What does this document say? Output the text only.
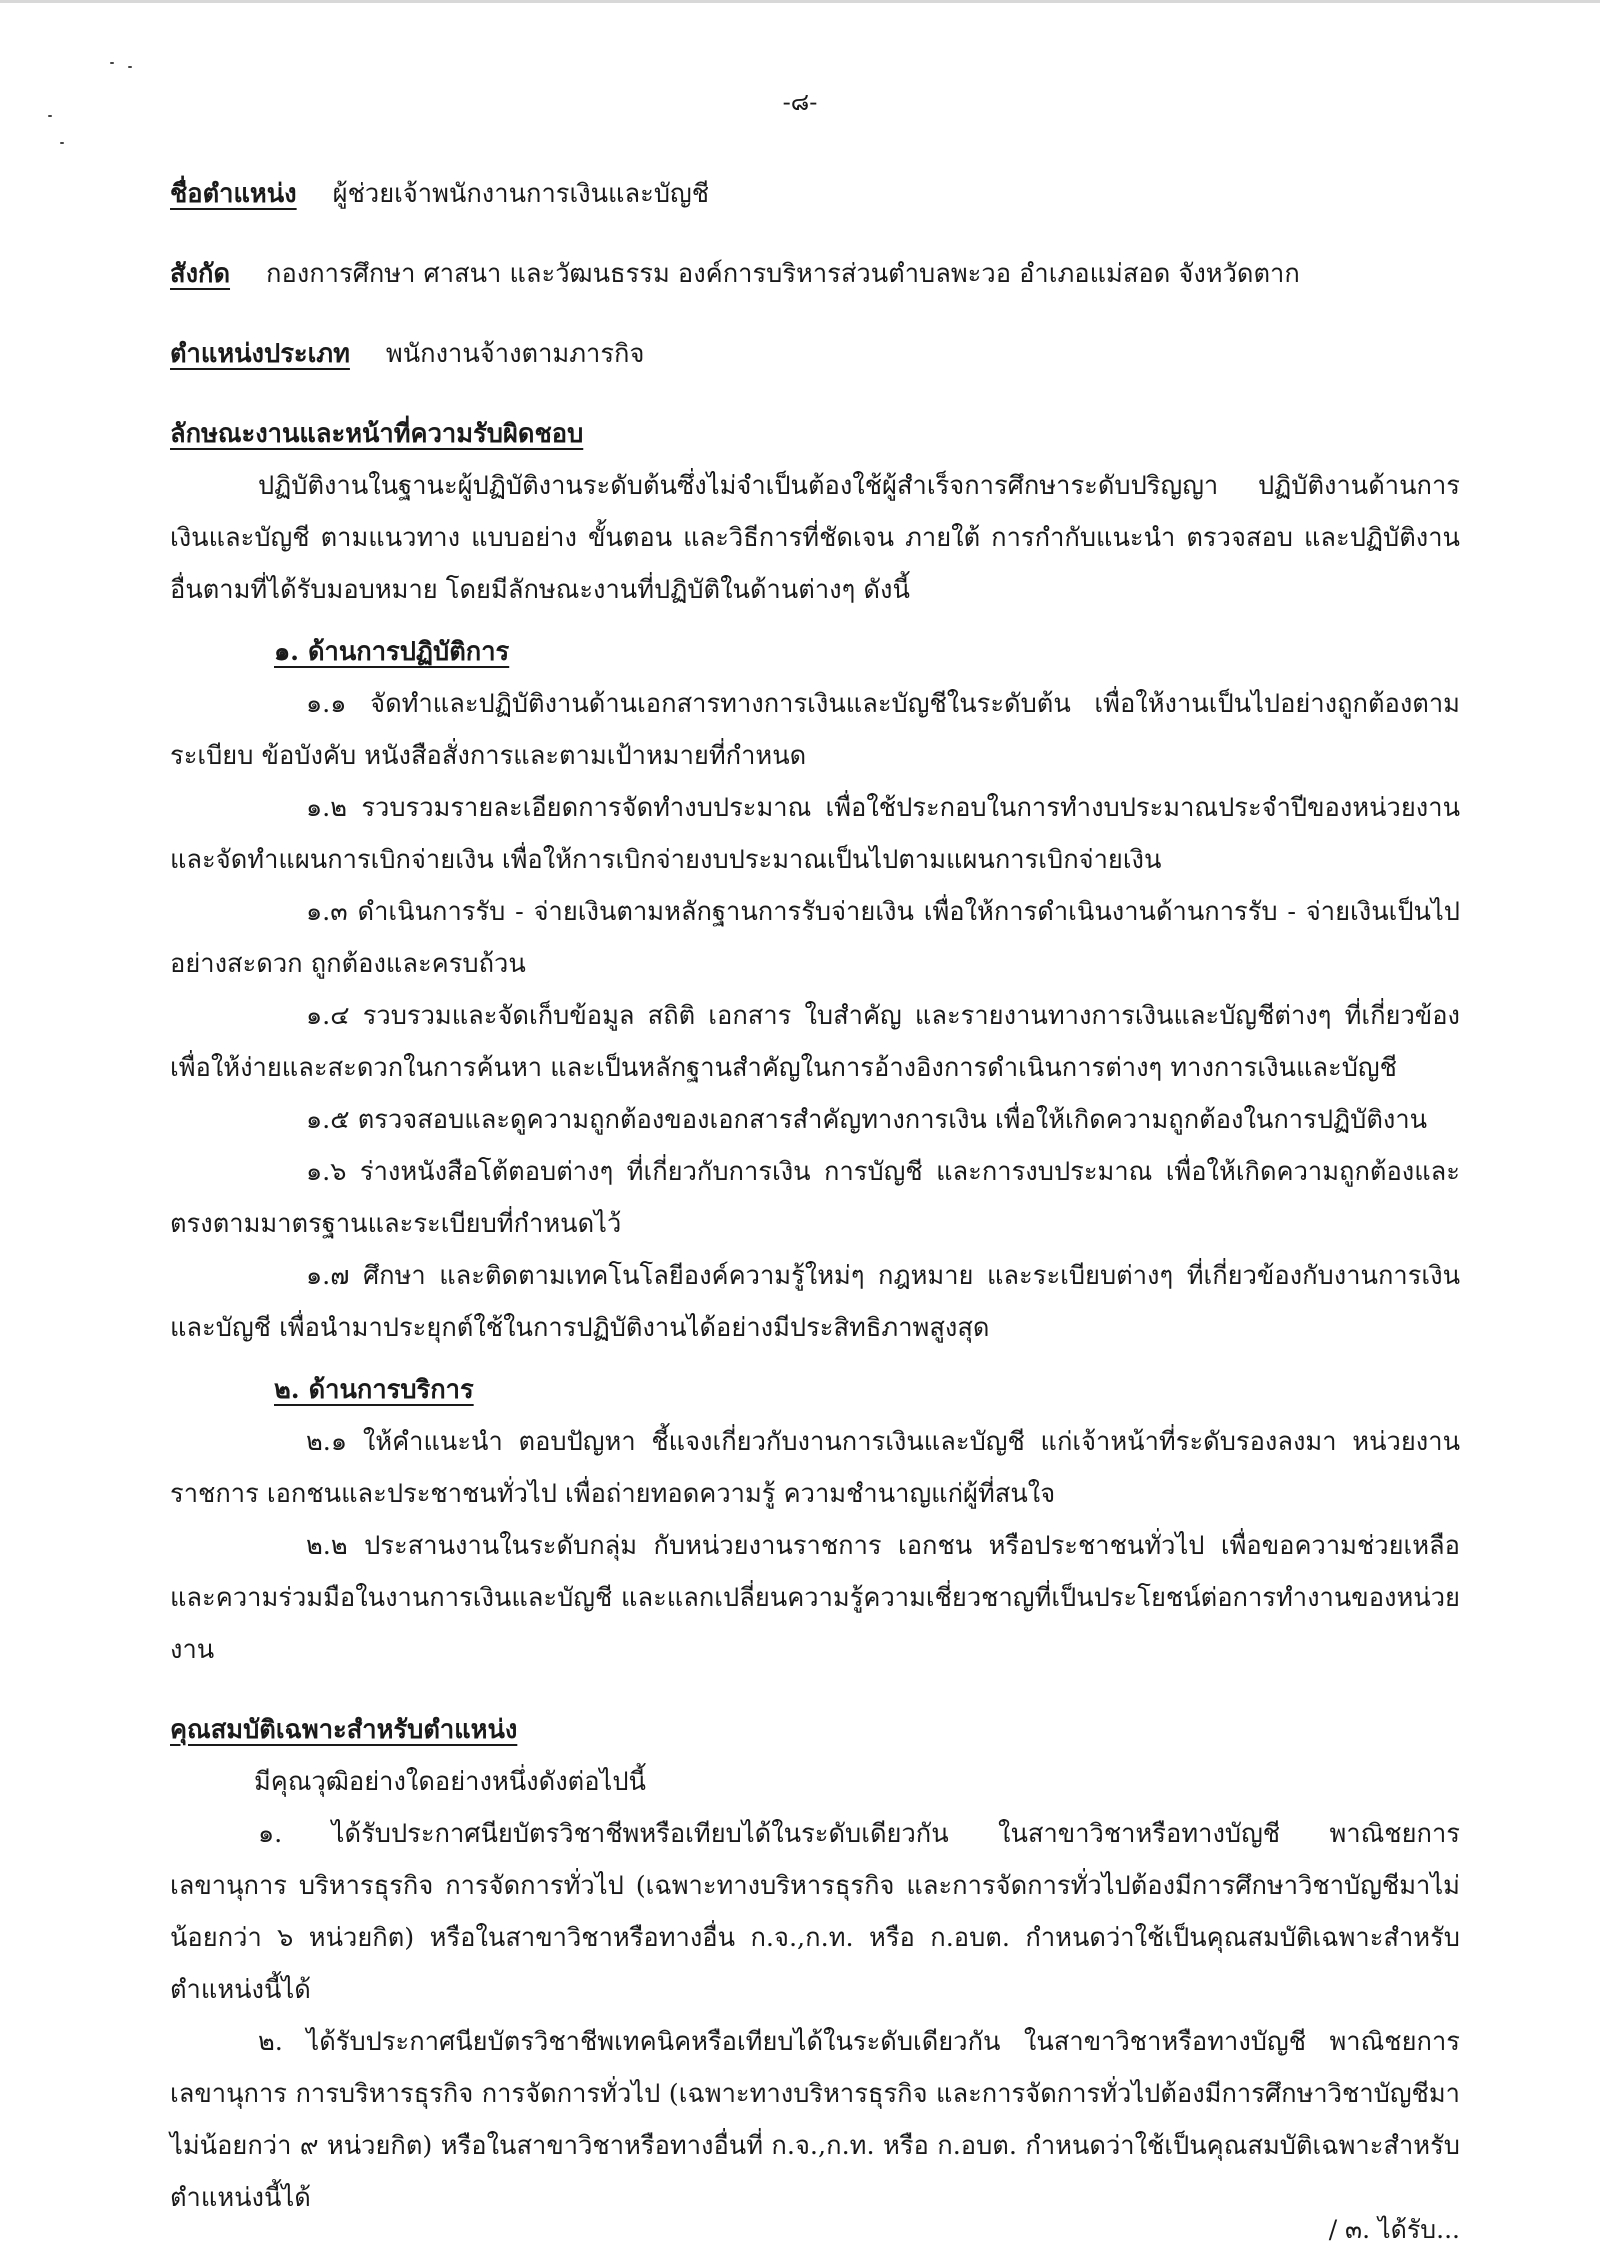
-๘-
ชื่อตำแหน่ง ผู้ช่วยเจ้าพนักงานการเงินและบัญชี
สังกัด กองการศึกษา ศาสนา และวัฒนธรรม องค์การบริหารส่วนตำบลพะวอ อำเภอแม่สอด จังหวัดตาก
ตำแหน่งประเภท พนักงานจ้างตามภารกิจ
ลักษณะงานและหน้าที่ความรับผิดชอบ

ปฏิบัติงานในฐานะผู้ปฏิบัติงานระดับต้นซึ่งไม่จำเป็นต้องใช้ผู้สำเร็จการศึกษาระดับปริญญา ปฏิบัติงานด้านการเงินและบัญชี ตามแนวทาง แบบอย่าง ขั้นตอน และวิธีการที่ชัดเจน ภายใต้ การกำกับแนะนำ ตรวจสอบ และปฏิบัติงานอื่นตามที่ได้รับมอบหมาย โดยมีลักษณะงานที่ปฏิบัติในด้านต่างๆ ดังนี้

๑. ด้านการปฏิบัติการ

๑.๑ จัดทำและปฏิบัติงานด้านเอกสารทางการเงินและบัญชีในระดับต้น เพื่อให้งานเป็นไปอย่างถูกต้องตามระเบียบ ข้อบังคับ หนังสือสั่งการและตามเป้าหมายที่กำหนด

๑.๒ รวบรวมรายละเอียดการจัดทำงบประมาณ เพื่อใช้ประกอบในการทำงบประมาณประจำปีของหน่วยงาน และจัดทำแผนการเบิกจ่ายเงิน เพื่อให้การเบิกจ่ายงบประมาณเป็นไปตามแผนการเบิกจ่ายเงิน

๑.๓ ดำเนินการรับ - จ่ายเงินตามหลักฐานการรับจ่ายเงิน เพื่อให้การดำเนินงานด้านการรับ - จ่ายเงินเป็นไปอย่างสะดวก ถูกต้องและครบถ้วน

๑.๔ รวบรวมและจัดเก็บข้อมูล สถิติ เอกสาร ใบสำคัญ และรายงานทางการเงินและบัญชีต่างๆ ที่เกี่ยวข้องเพื่อให้ง่ายและสะดวกในการค้นหา และเป็นหลักฐานสำคัญในการอ้างอิงการดำเนินการต่างๆ ทางการเงินและบัญชี

๑.๕ ตรวจสอบและดูความถูกต้องของเอกสารสำคัญทางการเงิน เพื่อให้เกิดความถูกต้องในการปฏิบัติงาน

๑.๖ ร่างหนังสือโต้ตอบต่างๆ ที่เกี่ยวกับการเงิน การบัญชี และการงบประมาณ เพื่อให้เกิดความถูกต้องและตรงตามมาตรฐานและระเบียบที่กำหนดไว้

๑.๗ ศึกษา และติดตามเทคโนโลยีองค์ความรู้ใหม่ๆ กฎหมาย และระเบียบต่างๆ ที่เกี่ยวข้องกับงานการเงินและบัญชี เพื่อนำมาประยุกต์ใช้ในการปฏิบัติงานได้อย่างมีประสิทธิภาพสูงสุด

๒. ด้านการบริการ

๒.๑ ให้คำแนะนำ ตอบปัญหา ชี้แจงเกี่ยวกับงานการเงินและบัญชี แก่เจ้าหน้าที่ระดับรองลงมา หน่วยงานราชการ เอกชนและประชาชนทั่วไป เพื่อถ่ายทอดความรู้ ความชำนาญแก่ผู้ที่สนใจ

๒.๒ ประสานงานในระดับกลุ่ม กับหน่วยงานราชการ เอกชน หรือประชาชนทั่วไป เพื่อขอความช่วยเหลือและความร่วมมือในงานการเงินและบัญชี และแลกเปลี่ยนความรู้ความเชี่ยวชาญที่เป็นประโยชน์ต่อการทำงานของหน่วยงาน

คุณสมบัติเฉพาะสำหรับตำแหน่ง
มีคุณวุฒิอย่างใดอย่างหนึ่งดังต่อไปนี้

๑. ได้รับประกาศนียบัตรวิชาชีพหรือเทียบได้ในระดับเดียวกัน ในสาขาวิชาหรือทางบัญชี พาณิชยการ เลขานุการ บริหารธุรกิจ การจัดการทั่วไป (เฉพาะทางบริหารธุรกิจ และการจัดการทั่วไปต้องมีการศึกษาวิชาบัญชีมาไม่น้อยกว่า ๖ หน่วยกิต) หรือในสาขาวิชาหรือทางอื่น ก.จ.,ก.ท. หรือ ก.อบต. กำหนดว่าใช้เป็นคุณสมบัติเฉพาะสำหรับตำแหน่งนี้ได้

๒. ได้รับประกาศนียบัตรวิชาชีพเทคนิคหรือเทียบได้ในระดับเดียวกัน ในสาขาวิชาหรือทางบัญชี พาณิชยการ เลขานุการ การบริหารธุรกิจ การจัดการทั่วไป (เฉพาะทางบริหารธุรกิจ และการจัดการทั่วไปต้องมีการศึกษาวิชาบัญชีมาไม่น้อยกว่า ๙ หน่วยกิต) หรือในสาขาวิชาหรือทางอื่นที่ ก.จ.,ก.ท. หรือ ก.อบต. กำหนดว่าใช้เป็นคุณสมบัติเฉพาะสำหรับตำแหน่งนี้ได้

/ ๓. ได้รับ...
